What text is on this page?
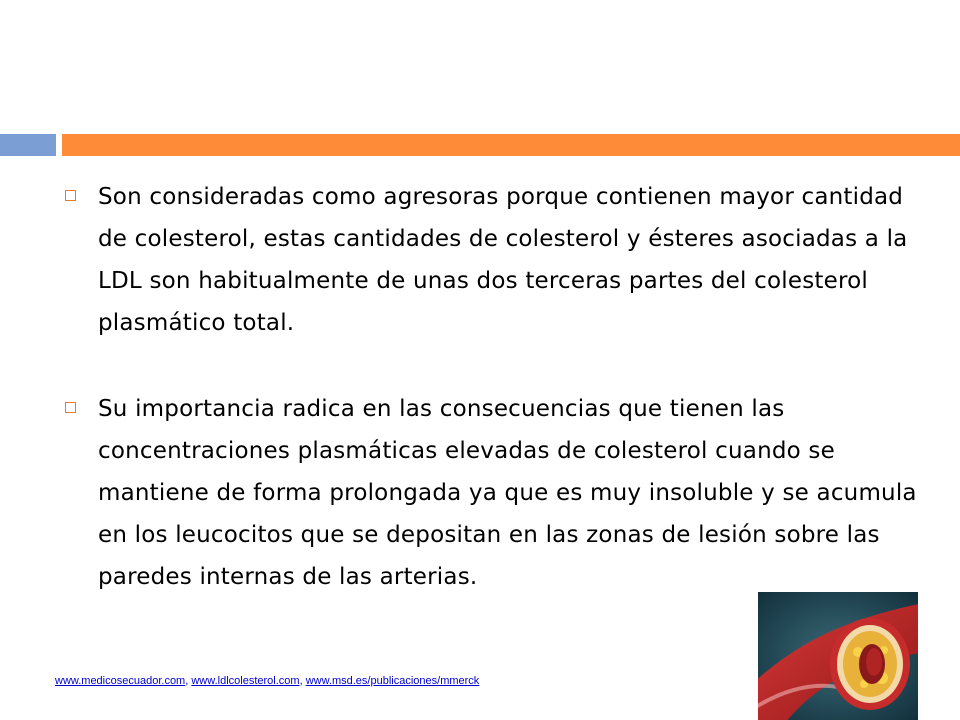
Son consideradas como agresoras porque contienen mayor cantidad de colesterol, estas cantidades de colesterol y ésteres asociadas a la LDL son habitualmente de unas dos terceras partes del colesterol plasmático total.
Su importancia radica en las consecuencias que tienen las concentraciones plasmáticas elevadas de colesterol cuando se mantiene de forma prolongada ya que es muy insoluble y se acumula en los leucocitos que se depositan en las zonas de lesión sobre las paredes internas de las arterias.
www.medicosecuador.com, www.ldlcolesterol.com, www.msd.es/publicaciones/mmerck
